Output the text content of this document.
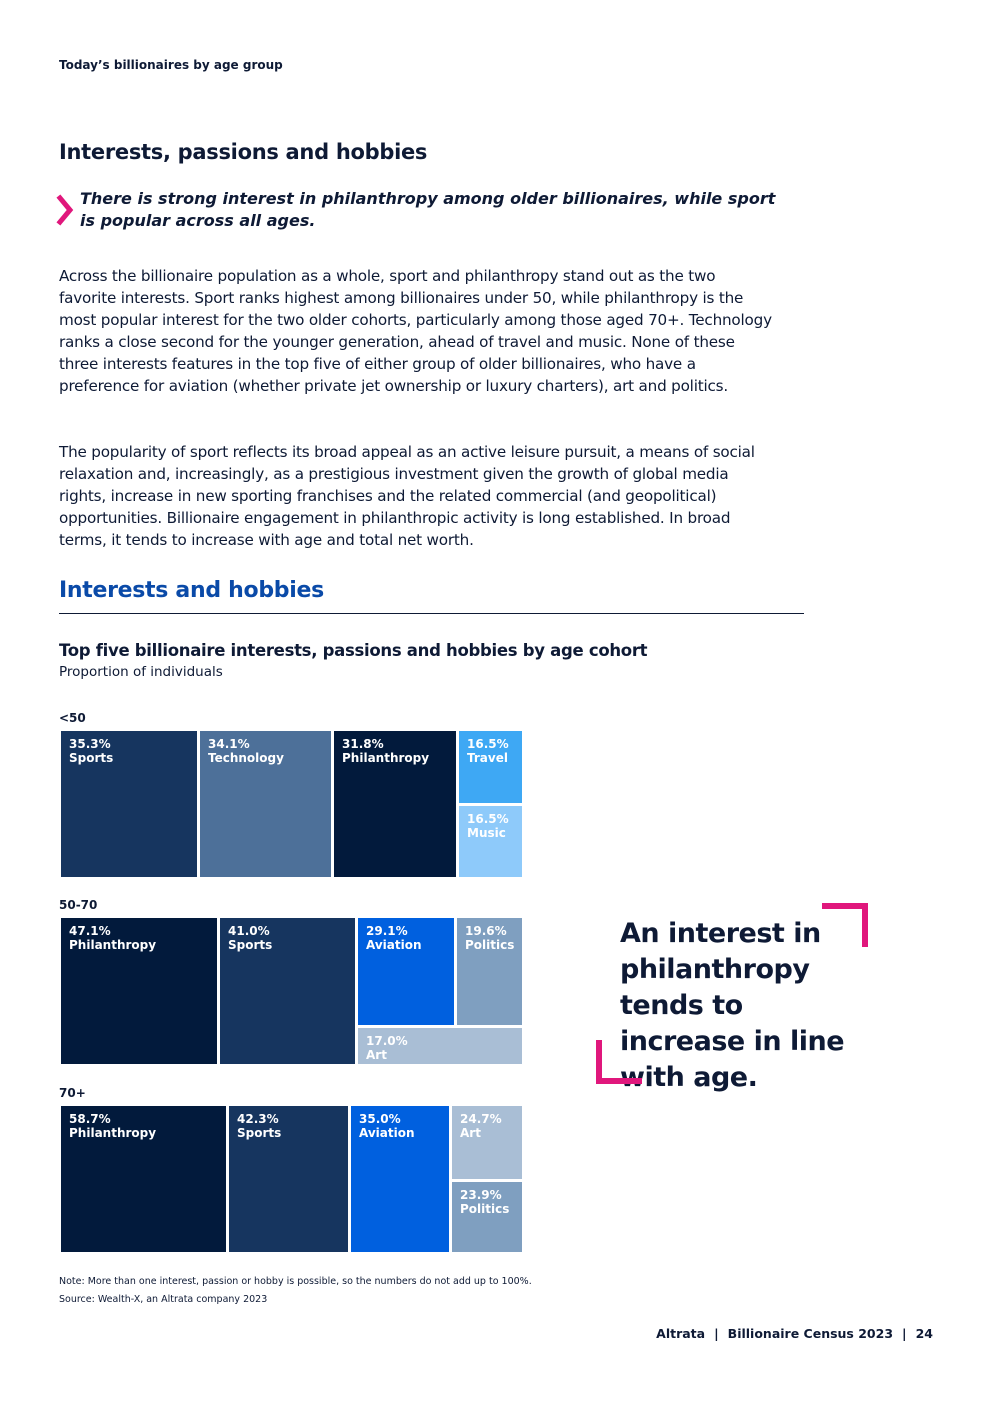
Today’s billionaires by age group
Interests, passions and hobbies
There is strong interest in philanthropy among older billionaires, while sport is popular across all ages.
Across the billionaire population as a whole, sport and philanthropy stand out as the two favorite interests. Sport ranks highest among billionaires under 50, while philanthropy is the most popular interest for the two older cohorts, particularly among those aged 70+. Technology ranks a close second for the younger generation, ahead of travel and music. None of these three interests features in the top five of either group of older billionaires, who have a preference for aviation (whether private jet ownership or luxury charters), art and politics.
The popularity of sport reflects its broad appeal as an active leisure pursuit, a means of social relaxation and, increasingly, as a prestigious investment given the growth of global media rights, increase in new sporting franchises and the related commercial (and geopolitical) opportunities. Billionaire engagement in philanthropic activity is long established. In broad terms, it tends to increase with age and total net worth.
Interests and hobbies
Top five billionaire interests, passions and hobbies by age cohort
Proportion of individuals
<50
35.3%
Sports
34.1%
Technology
31.8%
Philanthropy
16.5%
Travel
16.5%
Music
50-70
47.1%
Philanthropy
41.0%
Sports
29.1%
Aviation
19.6%
Politics
17.0%
Art
70+
58.7%
Philanthropy
42.3%
Sports
35.0%
Aviation
24.7%
Art
23.9%
Politics
An interest in philanthropy tends to increase in line with age.
Note: More than one interest, passion or hobby is possible, so the numbers do not add up to 100%.
Source: Wealth-X, an Altrata company 2023
Altrata | Billionaire Census 2023 | 24
